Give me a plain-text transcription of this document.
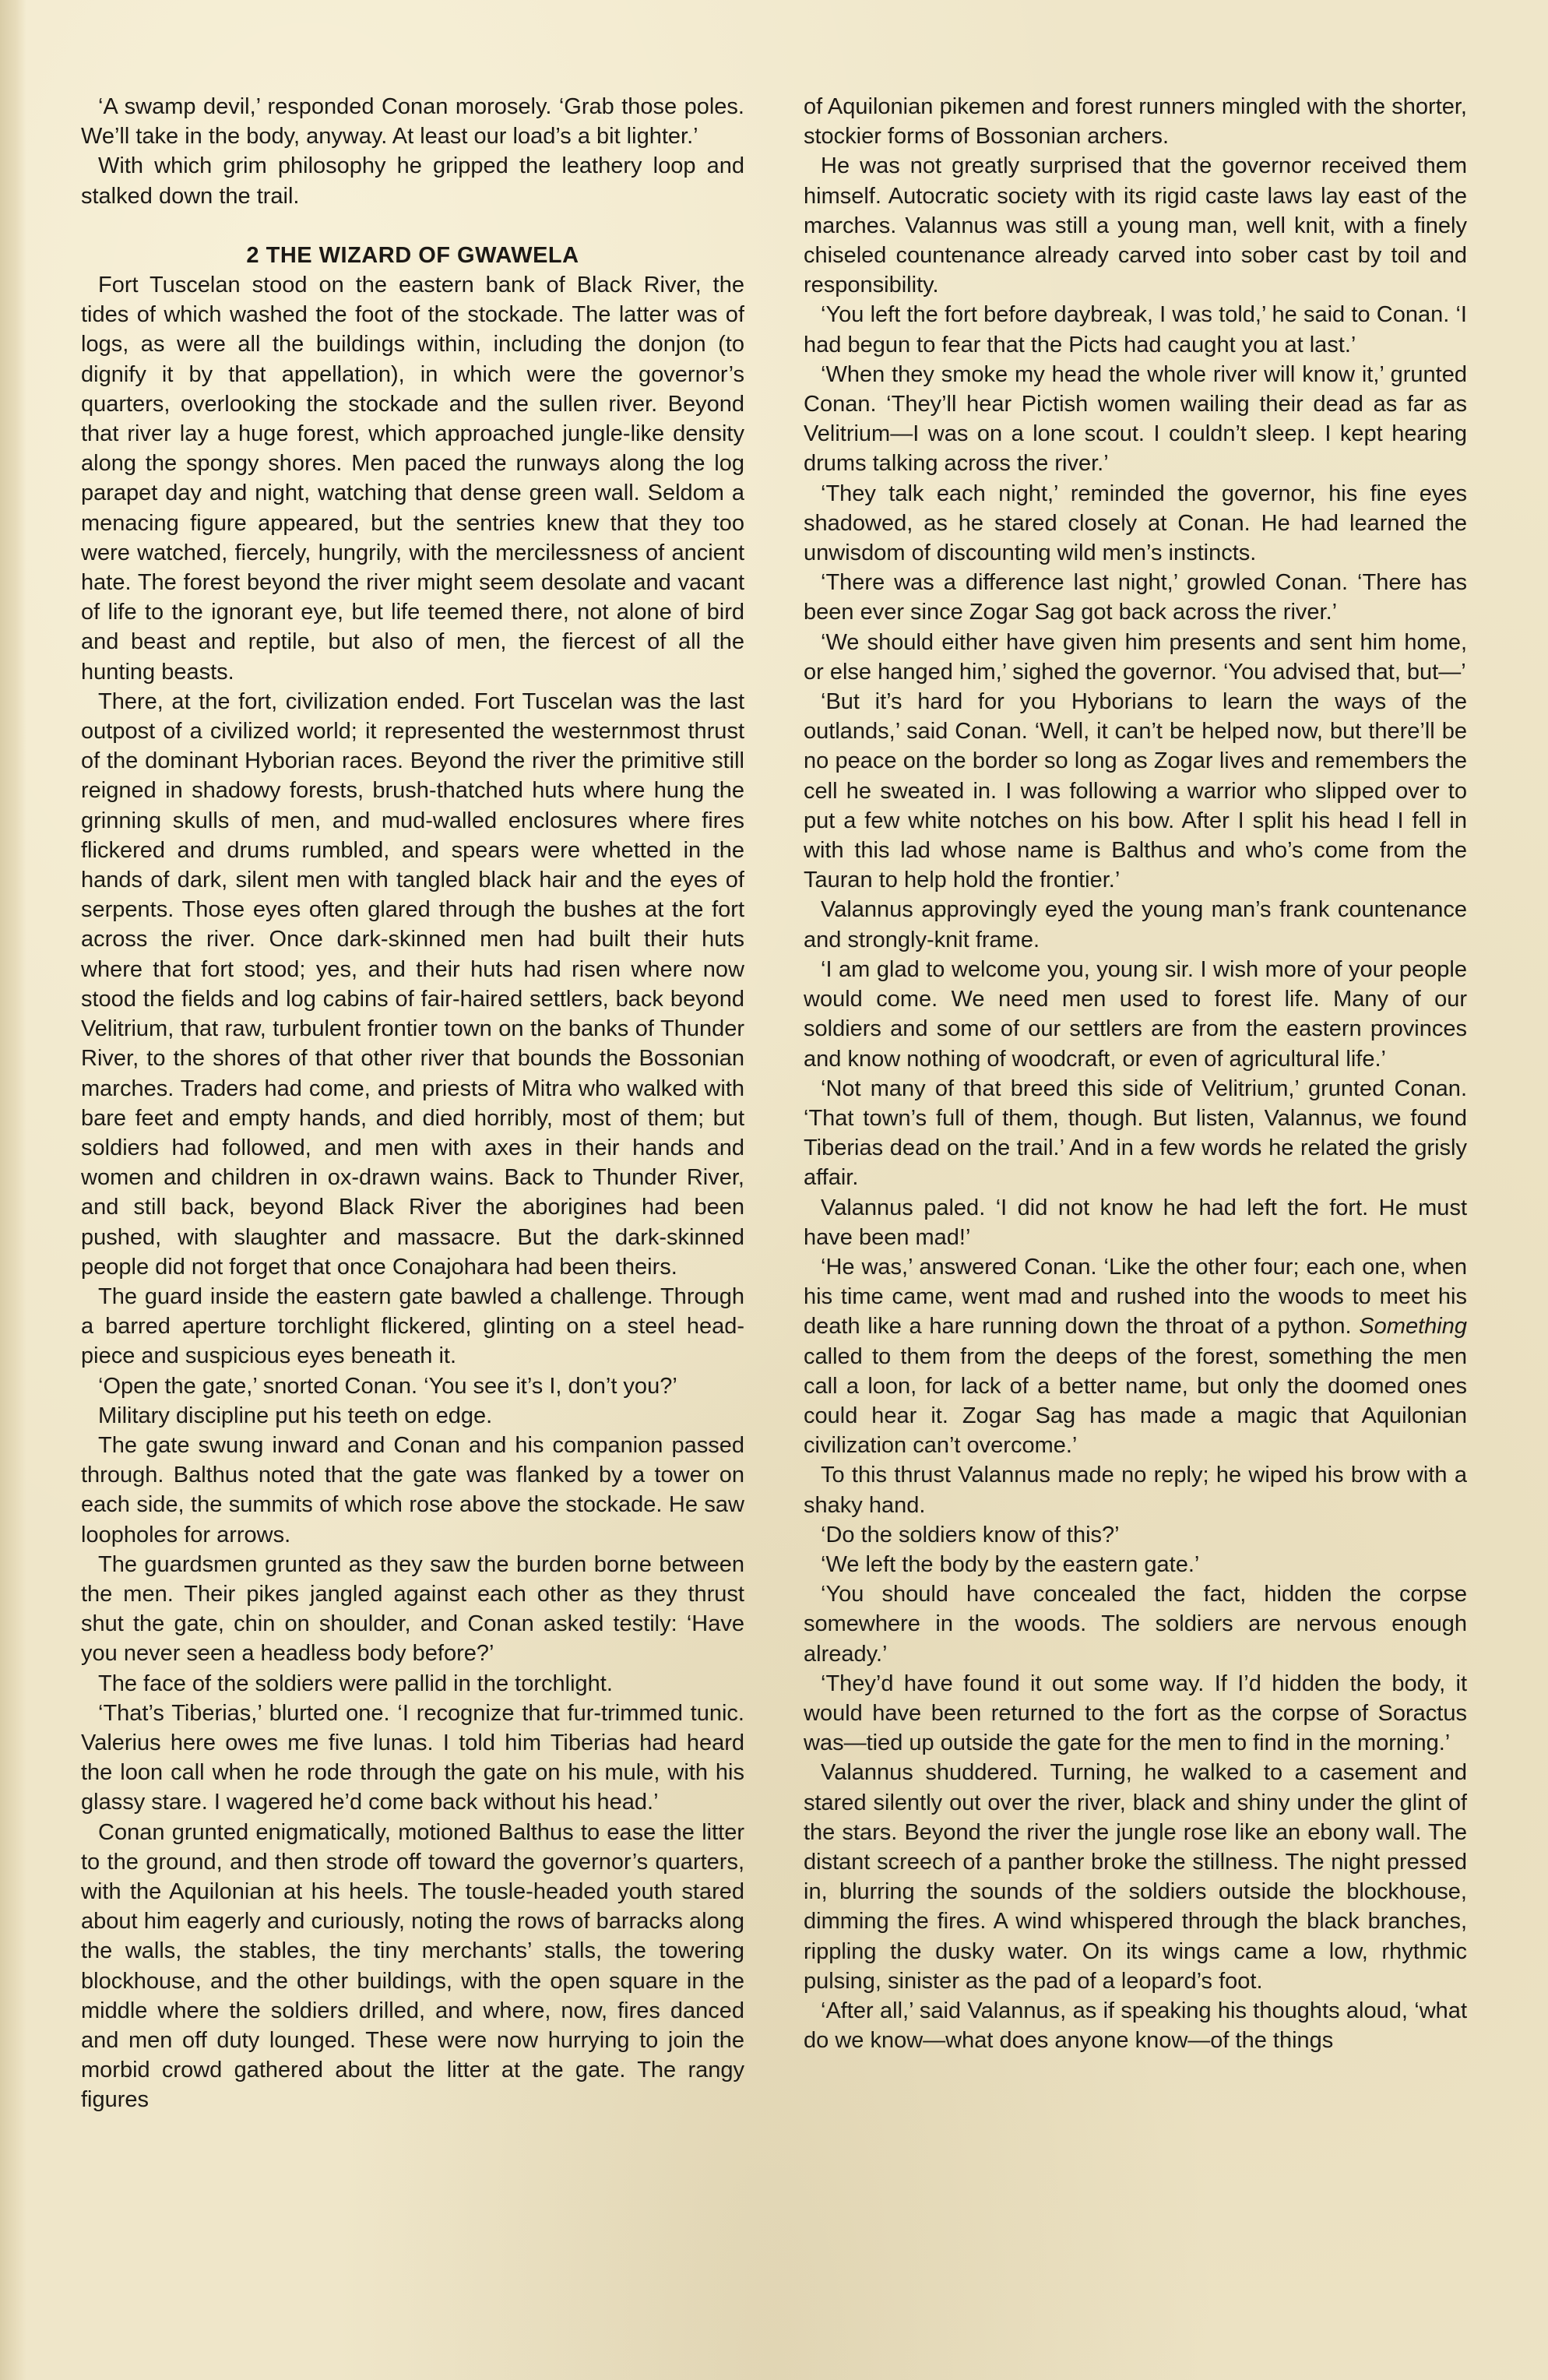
‘A swamp devil,’ responded Conan morosely. ‘Grab those poles. We’ll take in the body, anyway. At least our load’s a bit lighter.’

With which grim philosophy he gripped the leathery loop and stalked down the trail.

2 THE WIZARD OF GWAWELA

Fort Tuscelan stood on the eastern bank of Black River, the tides of which washed the foot of the stockade. The latter was of logs, as were all the buildings within, including the donjon (to dignify it by that appellation), in which were the governor’s quarters, overlooking the stockade and the sullen river. Beyond that river lay a huge forest, which approached jungle-like density along the spongy shores. Men paced the runways along the log parapet day and night, watching that dense green wall. Seldom a menacing figure appeared, but the sentries knew that they too were watched, fiercely, hungrily, with the mercilessness of ancient hate. The forest beyond the river might seem desolate and vacant of life to the ignorant eye, but life teemed there, not alone of bird and beast and reptile, but also of men, the fiercest of all the hunting beasts.

There, at the fort, civilization ended. Fort Tuscelan was the last outpost of a civilized world; it represented the westernmost thrust of the dominant Hyborian races. Beyond the river the primitive still reigned in shadowy forests, brush-thatched huts where hung the grinning skulls of men, and mud-walled enclosures where fires flickered and drums rumbled, and spears were whetted in the hands of dark, silent men with tangled black hair and the eyes of serpents. Those eyes often glared through the bushes at the fort across the river. Once dark-skinned men had built their huts where that fort stood; yes, and their huts had risen where now stood the fields and log cabins of fair-haired settlers, back beyond Velitrium, that raw, turbulent frontier town on the banks of Thunder River, to the shores of that other river that bounds the Bossonian marches. Traders had come, and priests of Mitra who walked with bare feet and empty hands, and died horribly, most of them; but soldiers had followed, and men with axes in their hands and women and children in ox-drawn wains. Back to Thunder River, and still back, beyond Black River the aborigines had been pushed, with slaughter and massacre. But the dark-skinned people did not forget that once Conajohara had been theirs.

The guard inside the eastern gate bawled a challenge. Through a barred aperture torchlight flickered, glinting on a steel head-piece and suspicious eyes beneath it.

‘Open the gate,’ snorted Conan. ‘You see it’s I, don’t you?’

Military discipline put his teeth on edge.

The gate swung inward and Conan and his companion passed through. Balthus noted that the gate was flanked by a tower on each side, the summits of which rose above the stockade. He saw loopholes for arrows.

The guardsmen grunted as they saw the burden borne between the men. Their pikes jangled against each other as they thrust shut the gate, chin on shoulder, and Conan asked testily: ‘Have you never seen a headless body before?’

The face of the soldiers were pallid in the torchlight.

‘That’s Tiberias,’ blurted one. ‘I recognize that fur-trimmed tunic. Valerius here owes me five lunas. I told him Tiberias had heard the loon call when he rode through the gate on his mule, with his glassy stare. I wagered he’d come back without his head.’

Conan grunted enigmatically, motioned Balthus to ease the litter to the ground, and then strode off toward the governor’s quarters, with the Aquilonian at his heels. The tousle-headed youth stared about him eagerly and curiously, noting the rows of barracks along the walls, the stables, the tiny merchants’ stalls, the towering blockhouse, and the other buildings, with the open square in the middle where the soldiers drilled, and where, now, fires danced and men off duty lounged. These were now hurrying to join the morbid crowd gathered about the litter at the gate. The rangy figures

of Aquilonian pikemen and forest runners mingled with the shorter, stockier forms of Bossonian archers.

He was not greatly surprised that the governor received them himself. Autocratic society with its rigid caste laws lay east of the marches. Valannus was still a young man, well knit, with a finely chiseled countenance already carved into sober cast by toil and responsibility.

‘You left the fort before daybreak, I was told,’ he said to Conan. ‘I had begun to fear that the Picts had caught you at last.’

‘When they smoke my head the whole river will know it,’ grunted Conan. ‘They’ll hear Pictish women wailing their dead as far as Velitrium—I was on a lone scout. I couldn’t sleep. I kept hearing drums talking across the river.’

‘They talk each night,’ reminded the governor, his fine eyes shadowed, as he stared closely at Conan. He had learned the unwisdom of discounting wild men’s instincts.

‘There was a difference last night,’ growled Conan. ‘There has been ever since Zogar Sag got back across the river.’

‘We should either have given him presents and sent him home, or else hanged him,’ sighed the governor. ‘You advised that, but—’

‘But it’s hard for you Hyborians to learn the ways of the outlands,’ said Conan. ‘Well, it can’t be helped now, but there’ll be no peace on the border so long as Zogar lives and remembers the cell he sweated in. I was following a warrior who slipped over to put a few white notches on his bow. After I split his head I fell in with this lad whose name is Balthus and who’s come from the Tauran to help hold the frontier.’

Valannus approvingly eyed the young man’s frank countenance and strongly-knit frame.

‘I am glad to welcome you, young sir. I wish more of your people would come. We need men used to forest life. Many of our soldiers and some of our settlers are from the eastern provinces and know nothing of woodcraft, or even of agricultural life.’

‘Not many of that breed this side of Velitrium,’ grunted Conan. ‘That town’s full of them, though. But listen, Valannus, we found Tiberias dead on the trail.’ And in a few words he related the grisly affair.

Valannus paled. ‘I did not know he had left the fort. He must have been mad!’

‘He was,’ answered Conan. ‘Like the other four; each one, when his time came, went mad and rushed into the woods to meet his death like a hare running down the throat of a python. Something called to them from the deeps of the forest, something the men call a loon, for lack of a better name, but only the doomed ones could hear it. Zogar Sag has made a magic that Aquilonian civilization can’t overcome.’

To this thrust Valannus made no reply; he wiped his brow with a shaky hand.

‘Do the soldiers know of this?’

‘We left the body by the eastern gate.’

‘You should have concealed the fact, hidden the corpse somewhere in the woods. The soldiers are nervous enough already.’

‘They’d have found it out some way. If I’d hidden the body, it would have been returned to the fort as the corpse of Soractus was—tied up outside the gate for the men to find in the morning.’

Valannus shuddered. Turning, he walked to a casement and stared silently out over the river, black and shiny under the glint of the stars. Beyond the river the jungle rose like an ebony wall. The distant screech of a panther broke the stillness. The night pressed in, blurring the sounds of the soldiers outside the blockhouse, dimming the fires. A wind whispered through the black branches, rippling the dusky water. On its wings came a low, rhythmic pulsing, sinister as the pad of a leopard’s foot.

‘After all,’ said Valannus, as if speaking his thoughts aloud, ‘what do we know—what does anyone know—of the things
